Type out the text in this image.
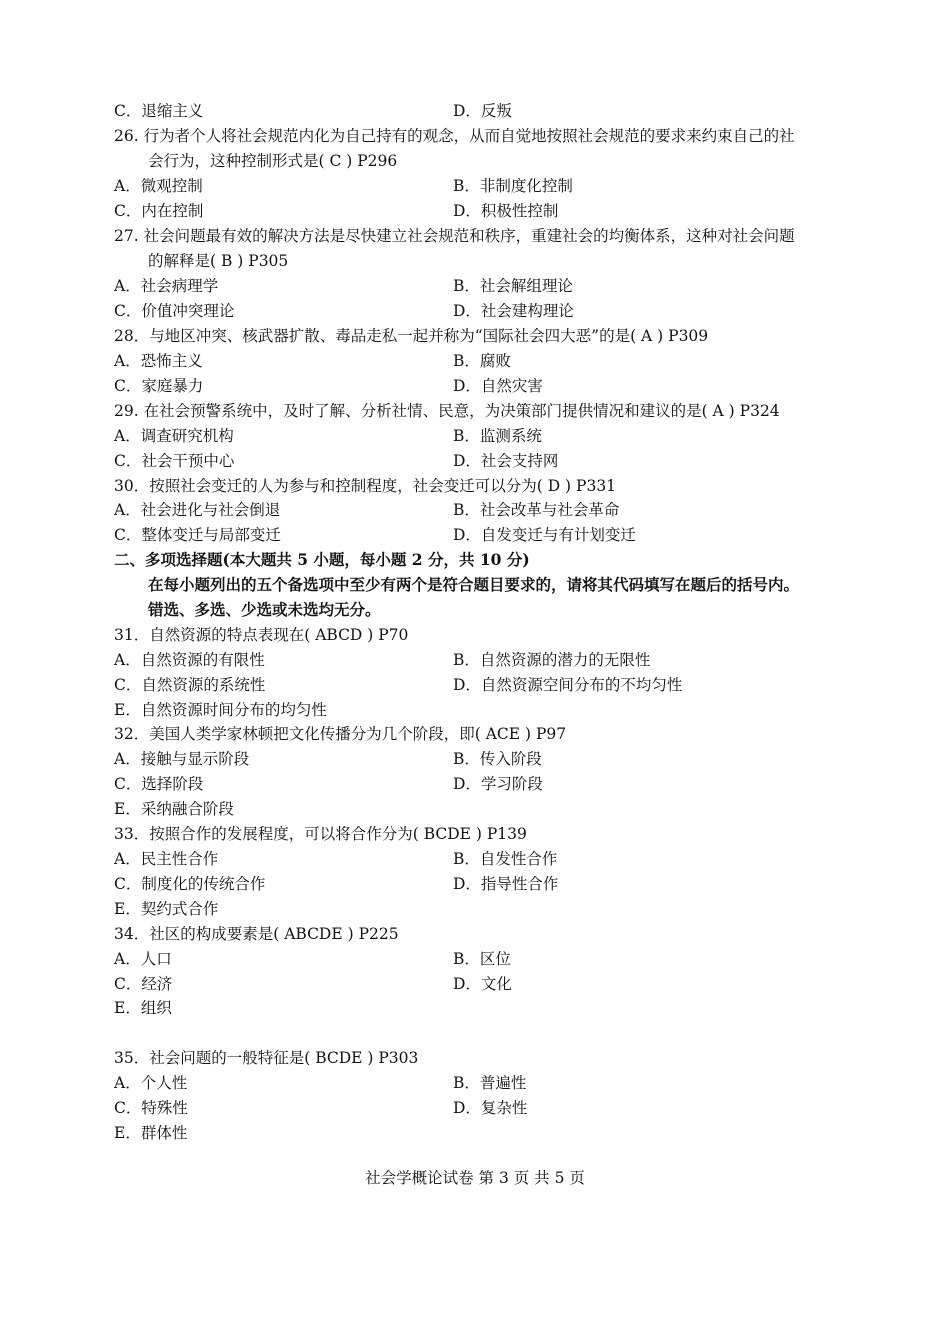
C．退缩主义	D．反叛
26. 行为者个人将社会规范内化为自己持有的观念，从而自觉地按照社会规范的要求来约束自己的社
会行为，这种控制形式是( C ) P296
A．微观控制	B．非制度化控制
C．内在控制	D．积极性控制
27. 社会问题最有效的解决方法是尽快建立社会规范和秩序，重建社会的均衡体系，这种对社会问题
的解释是( B ) P305
A．社会病理学	B．社会解组理论
C．价值冲突理论	D．社会建构理论
28．与地区冲突、核武器扩散、毒品走私一起并称为“国际社会四大恶”的是( A ) P309
A．恐怖主义	B．腐败
C．家庭暴力	D．自然灾害
29. 在社会预警系统中，及时了解、分析社情、民意，为决策部门提供情况和建议的是( A ) P324
A．调查研究机构	B．监测系统
C．社会干预中心	D．社会支持网
30．按照社会变迁的人为参与和控制程度，社会变迁可以分为( D ) P331
A．社会进化与社会倒退	B．社会改革与社会革命
C．整体变迁与局部变迁	D．自发变迁与有计划变迁
二、多项选择题(本大题共 5 小题，每小题 2 分，共 10 分)
在每小题列出的五个备选项中至少有两个是符合题目要求的，请将其代码填写在题后的括号内。
错选、多选、少选或未选均无分。
31．自然资源的特点表现在( ABCD ) P70
A．自然资源的有限性	B．自然资源的潜力的无限性
C．自然资源的系统性	D．自然资源空间分布的不均匀性
E．自然资源时间分布的均匀性
32．美国人类学家林顿把文化传播分为几个阶段，即( ACE ) P97
A．接触与显示阶段	B．传入阶段
C．选择阶段	D．学习阶段
E．采纳融合阶段
33．按照合作的发展程度，可以将合作分为( BCDE ) P139
A．民主性合作	B．自发性合作
C．制度化的传统合作	D．指导性合作
E．契约式合作
34．社区的构成要素是( ABCDE ) P225
A．人口	B．区位
C．经济	D．文化
E．组织
35．社会问题的一般特征是( BCDE ) P303
A．个人性	B．普遍性
C．特殊性	D．复杂性
E．群体性
社会学概论试卷 第 3 页 共 5 页
